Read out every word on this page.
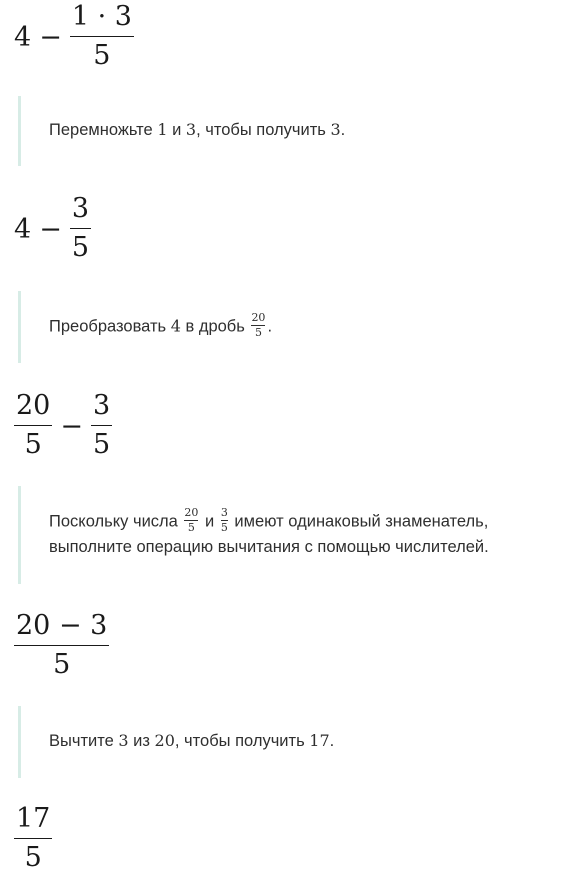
$4 - \frac{1 \cdot 3}{5}$
Перемножьте 1 и 3, чтобы получить 3.
$4 - \frac{3}{5}$
Преобразовать 4 в дробь $\frac{20}{5}$ .
$\frac{20}{5} - \frac{3}{5}$
Поскольку числа $\frac{20}{5}$ и $\frac{3}{5}$ имеют одинаковый знаменатель,
выполните операцию вычитания с помощью числителей.
$\frac{20 - 3}{5}$
Вычтите 3 из 20, чтобы получить 17.
$\frac{17}{5}$
